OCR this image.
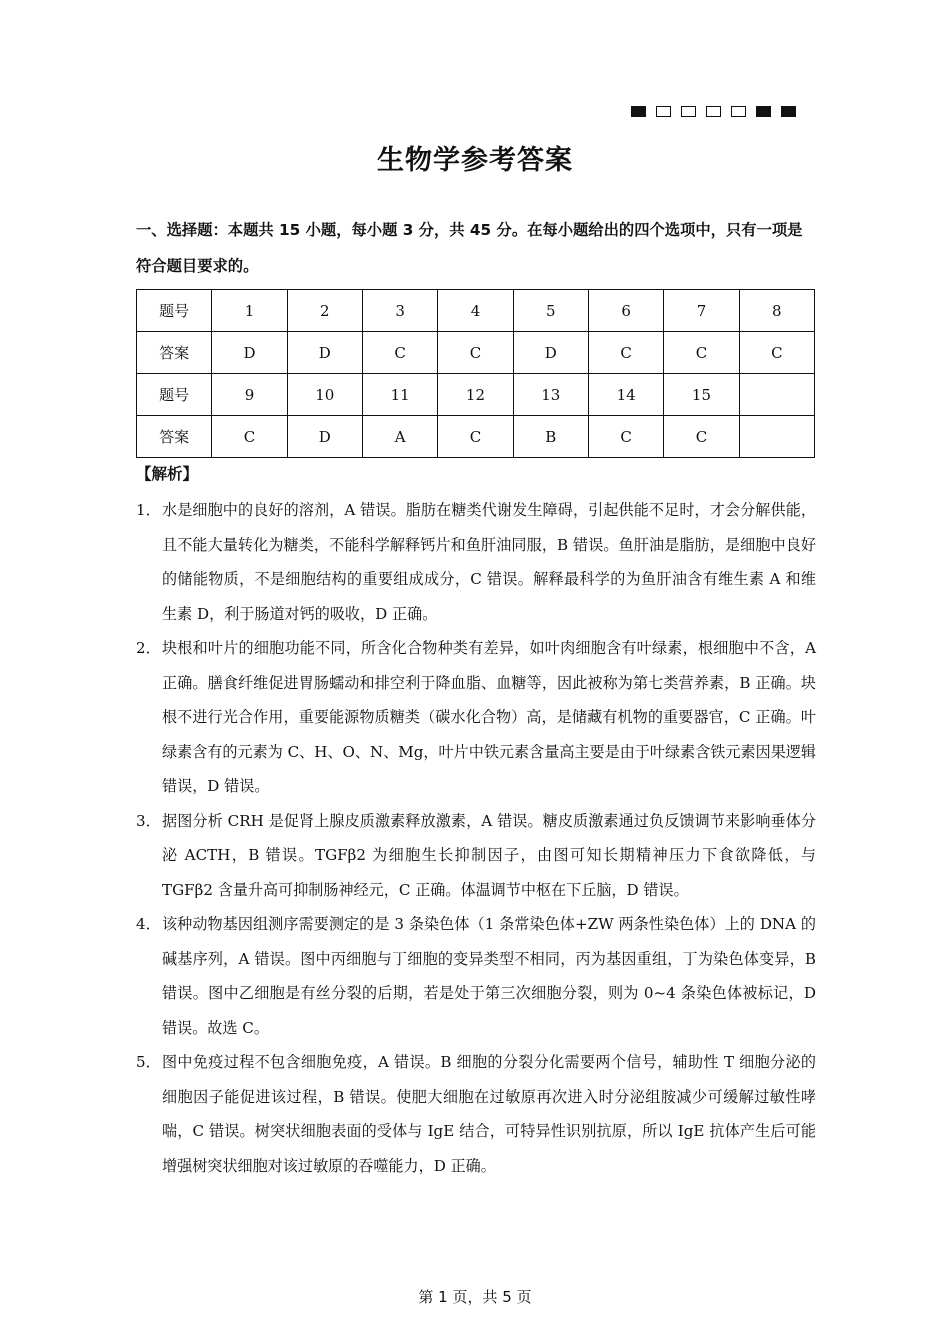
生物学参考答案
一、选择题：本题共 15 小题，每小题 3 分，共 45 分。在每小题给出的四个选项中，只有一项是符合题目要求的。
题号	1	2	3	4	5	6	7	8
答案	D	D	C	C	D	C	C	C
题号	9	10	11	12	13	14	15	
答案	C	D	A	C	B	C	C	
【解析】
1． 水是细胞中的良好的溶剂，A 错误。脂肪在糖类代谢发生障碍，引起供能不足时，才会分解供能，且不能大量转化为糖类，不能科学解释钙片和鱼肝油同服，B 错误。鱼肝油是脂肪，是细胞中良好的储能物质，不是细胞结构的重要组成成分，C 错误。解释最科学的为鱼肝油含有维生素 A 和维生素 D，利于肠道对钙的吸收，D 正确。
2． 块根和叶片的细胞功能不同，所含化合物种类有差异，如叶肉细胞含有叶绿素，根细胞中不含，A 正确。膳食纤维促进胃肠蠕动和排空利于降血脂、血糖等，因此被称为第七类营养素，B 正确。块根不进行光合作用，重要能源物质糖类（碳水化合物）高，是储藏有机物的重要器官，C 正确。叶绿素含有的元素为 C、H、O、N、Mg，叶片中铁元素含量高主要是由于叶绿素含铁元素因果逻辑错误，D 错误。
3． 据图分析 CRH 是促肾上腺皮质激素释放激素，A 错误。糖皮质激素通过负反馈调节来影响垂体分泌 ACTH，B 错误。TGFβ2 为细胞生长抑制因子，由图可知长期精神压力下食欲降低，与 TGFβ2 含量升高可抑制肠神经元，C 正确。体温调节中枢在下丘脑，D 错误。
4． 该种动物基因组测序需要测定的是 3 条染色体（1 条常染色体+ZW 两条性染色体）上的 DNA 的碱基序列，A 错误。图中丙细胞与丁细胞的变异类型不相同，丙为基因重组，丁为染色体变异，B 错误。图中乙细胞是有丝分裂的后期，若是处于第三次细胞分裂，则为 0~4 条染色体被标记，D 错误。故选 C。
5． 图中免疫过程不包含细胞免疫，A 错误。B 细胞的分裂分化需要两个信号，辅助性 T 细胞分泌的细胞因子能促进该过程，B 错误。使肥大细胞在过敏原再次进入时分泌组胺减少可缓解过敏性哮喘，C 错误。树突状细胞表面的受体与 IgE 结合，可特异性识别抗原，所以 IgE 抗体产生后可能增强树突状细胞对该过敏原的吞噬能力，D 正确。
第 1 页，共 5 页
